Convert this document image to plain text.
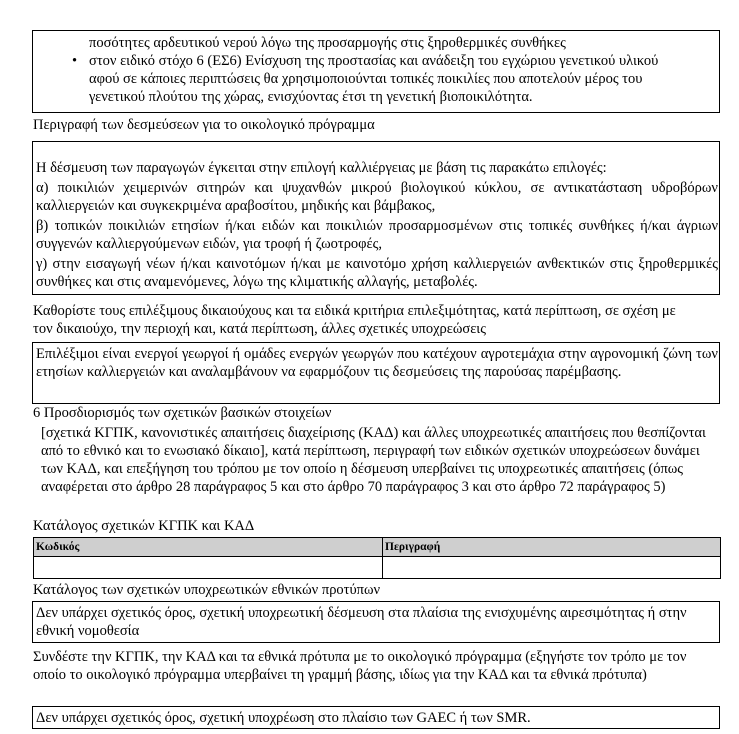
ποσότητες αρδευτικού νερού λόγω της προσαρμογής στις ξηροθερμικές συνθήκες
• στον ειδικό στόχο 6 (ΕΣ6) Ενίσχυση της προστασίας και ανάδειξη του εγχώριου γενετικού υλικού αφού σε κάποιες περιπτώσεις θα χρησιμοποιούνται τοπικές ποικιλίες που αποτελούν μέρος του γενετικού πλούτου της χώρας, ενισχύοντας έτσι τη γενετική βιοποικιλότητα.
Περιγραφή των δεσμεύσεων για το οικολογικό πρόγραμμα

Η δέσμευση των παραγωγών έγκειται στην επιλογή καλλιέργειας με βάση τις παρακάτω επιλογές:

α) ποικιλιών χειμερινών σιτηρών και ψυχανθών μικρού βιολογικού κύκλου, σε αντικατάσταση υδροβόρων καλλιεργειών και συγκεκριμένα αραβοσίτου, μηδικής και βάμβακος,

β) τοπικών ποικιλιών ετησίων ή/και ειδών και ποικιλιών προσαρμοσμένων στις τοπικές συνθήκες ή/και άγριων συγγενών καλλιεργούμενων ειδών, για τροφή ή ζωοτροφές,

γ) στην εισαγωγή νέων ή/και καινοτόμων ή/και με καινοτόμο χρήση καλλιεργειών ανθεκτικών στις ξηροθερμικές συνθήκες και στις αναμενόμενες, λόγω της κλιματικής αλλαγής, μεταβολές.

Καθορίστε τους επιλέξιμους δικαιούχους και τα ειδικά κριτήρια επιλεξιμότητας, κατά περίπτωση, σε σχέση με τον δικαιούχο, την περιοχή και, κατά περίπτωση, άλλες σχετικές υποχρεώσεις

Επιλέξιμοι είναι ενεργοί γεωργοί ή ομάδες ενεργών γεωργών που κατέχουν αγροτεμάχια στην αγρονομική ζώνη των ετησίων καλλιεργειών και αναλαμβάνουν να εφαρμόζουν τις δεσμεύσεις της παρούσας παρέμβασης.

6 Προσδιορισμός των σχετικών βασικών στοιχείων
[σχετικά ΚΓΠΚ, κανονιστικές απαιτήσεις διαχείρισης (ΚΑΔ) και άλλες υποχρεωτικές απαιτήσεις που θεσπίζονται από το εθνικό και το ενωσιακό δίκαιο], κατά περίπτωση, περιγραφή των ειδικών σχετικών υποχρεώσεων δυνάμει των ΚΑΔ, και επεξήγηση του τρόπου με τον οποίο η δέσμευση υπερβαίνει τις υποχρεωτικές απαιτήσεις (όπως αναφέρεται στο άρθρο 28 παράγραφος 5 και στο άρθρο 70 παράγραφος 3 και στο άρθρο 72 παράγραφος 5)
Κατάλογος σχετικών ΚΓΠΚ και ΚΑΔ
Κωδικός	Περιγραφή

Κατάλογος των σχετικών υποχρεωτικών εθνικών προτύπων

Δεν υπάρχει σχετικός όρος, σχετική υποχρεωτική δέσμευση στα πλαίσια της ενισχυμένης αιρεσιμότητας ή στην εθνική νομοθεσία

Συνδέστε την ΚΓΠΚ, την ΚΑΔ και τα εθνικά πρότυπα με το οικολογικό πρόγραμμα (εξηγήστε τον τρόπο με τον οποίο το οικολογικό πρόγραμμα υπερβαίνει τη γραμμή βάσης, ιδίως για την ΚΑΔ και τα εθνικά πρότυπα)

Δεν υπάρχει σχετικός όρος, σχετική υποχρέωση στο πλαίσιο των GAEC ή των SMR.
